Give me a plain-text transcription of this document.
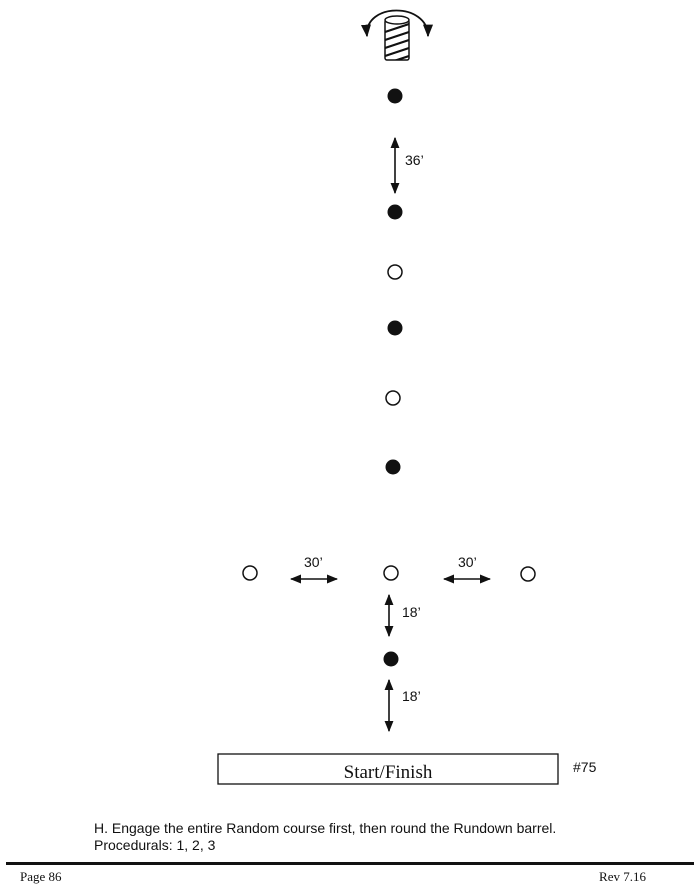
36’
30’	30’
18’
18’
Start/Finish	#75
H. Engage the entire Random course first, then round the Rundown barrel.
Procedurals: 1, 2, 3
Page 86	Rev 7.16
